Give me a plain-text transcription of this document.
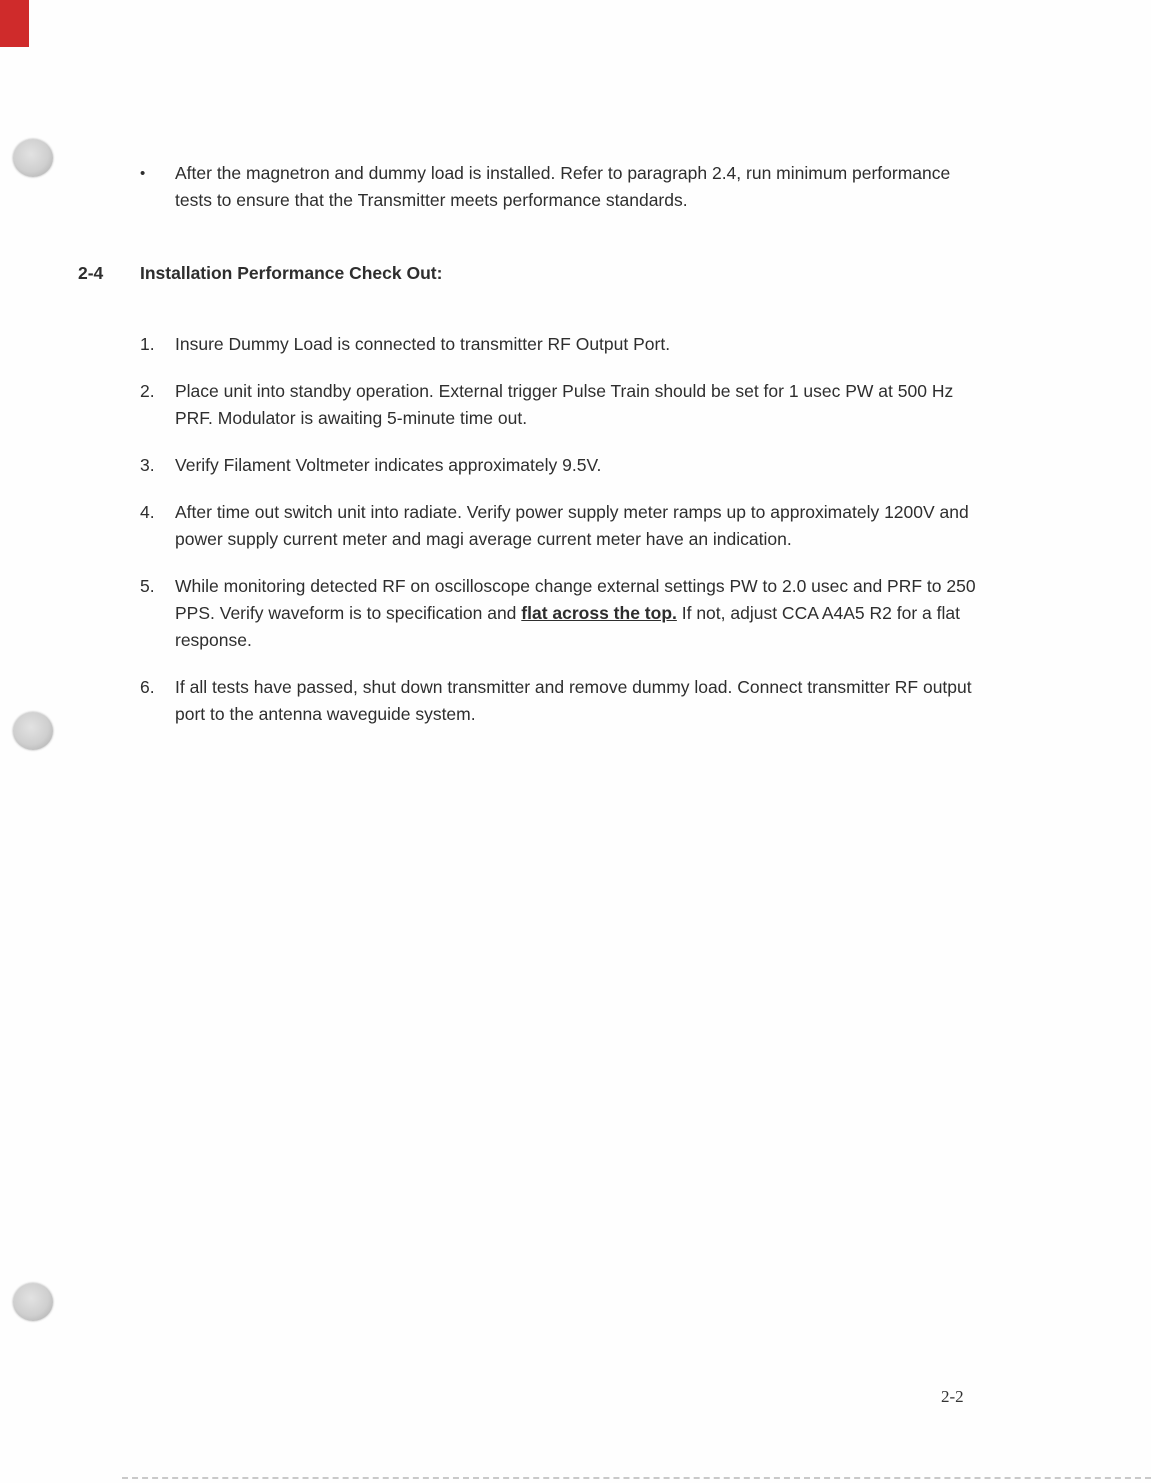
•	After the magnetron and dummy load is installed. Refer to paragraph 2.4, run minimum performance tests to ensure that the Transmitter meets performance standards.
2-4	Installation Performance Check Out:
1.	Insure Dummy Load is connected to transmitter RF Output Port.
2.	Place unit into standby operation. External trigger Pulse Train should be set for 1 usec PW at 500 Hz PRF. Modulator is awaiting 5-minute time out.
3.	Verify Filament Voltmeter indicates approximately 9.5V.
4.	After time out switch unit into radiate. Verify power supply meter ramps up to approximately 1200V and power supply current meter and magi average current meter have an indication.
5.	While monitoring detected RF on oscilloscope change external settings PW to 2.0 usec and PRF to 250 PPS. Verify waveform is to specification and flat across the top. If not, adjust CCA A4A5 R2 for a flat response.
6.	If all tests have passed, shut down transmitter and remove dummy load. Connect transmitter RF output port to the antenna waveguide system.
2-2
